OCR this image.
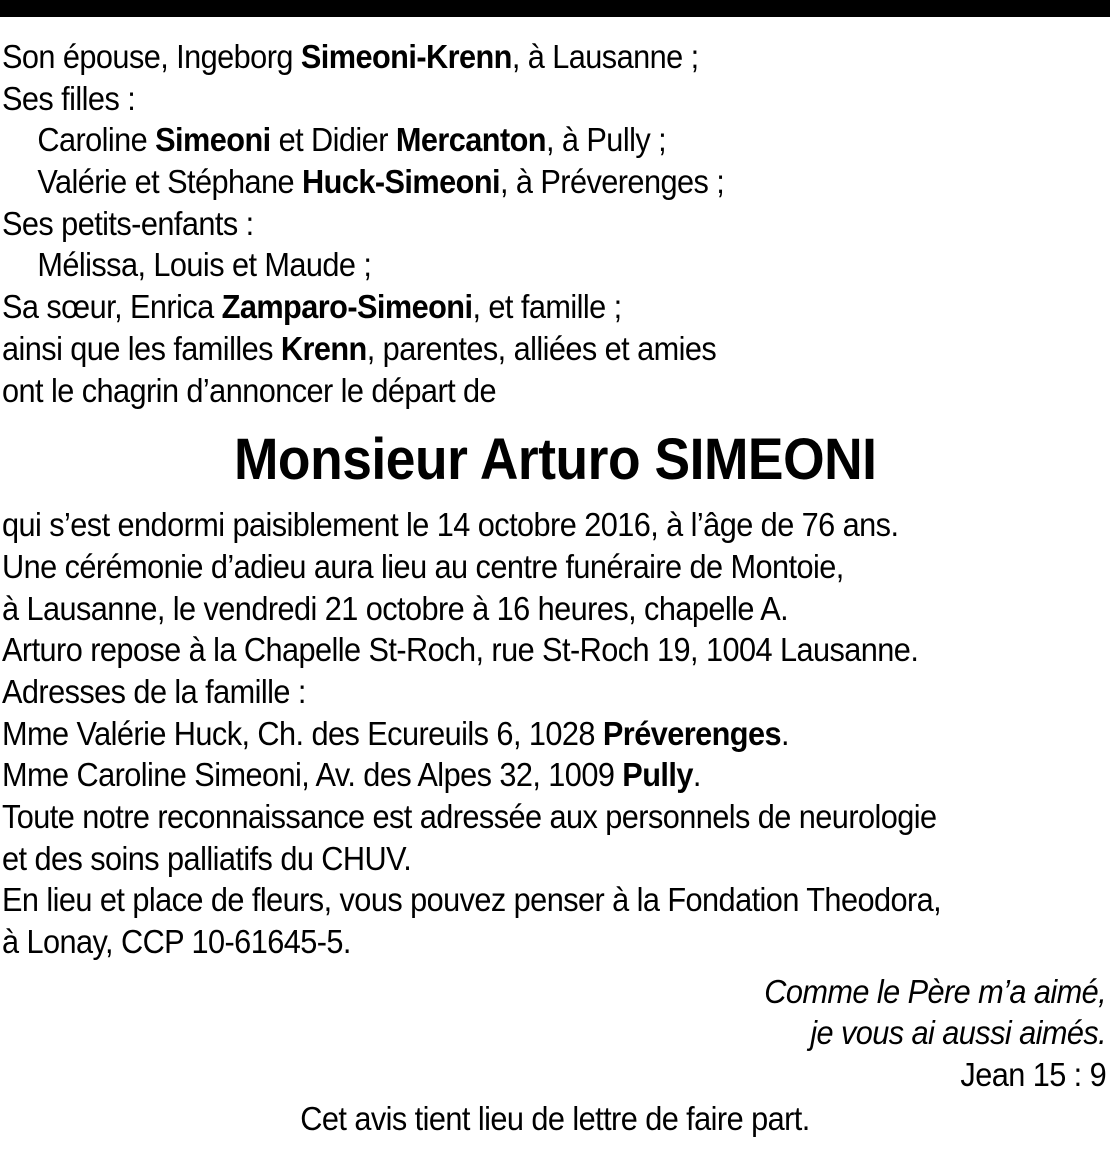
Son épouse, Ingeborg Simeoni-Krenn, à Lausanne ;
Ses filles :
Caroline Simeoni et Didier Mercanton, à Pully ;
Valérie et Stéphane Huck-Simeoni, à Préverenges ;
Ses petits-enfants :
Mélissa, Louis et Maude ;
Sa sœur, Enrica Zamparo-Simeoni, et famille ;
ainsi que les familles Krenn, parentes, alliées et amies
ont le chagrin d’annoncer le départ de
Monsieur Arturo SIMEONI
qui s’est endormi paisiblement le 14 octobre 2016, à l’âge de 76 ans.
Une cérémonie d’adieu aura lieu au centre funéraire de Montoie,
à Lausanne, le vendredi 21 octobre à 16 heures, chapelle A.
Arturo repose à la Chapelle St-Roch, rue St-Roch 19, 1004 Lausanne.
Adresses de la famille :
Mme Valérie Huck, Ch. des Ecureuils 6, 1028 Préverenges.
Mme Caroline Simeoni, Av. des Alpes 32, 1009 Pully.
Toute notre reconnaissance est adressée aux personnels de neurologie
et des soins palliatifs du CHUV.
En lieu et place de fleurs, vous pouvez penser à la Fondation Theodora,
à Lonay, CCP 10-61645-5.
Comme le Père m’a aimé,
je vous ai aussi aimés.
Jean 15 : 9
Cet avis tient lieu de lettre de faire part.
